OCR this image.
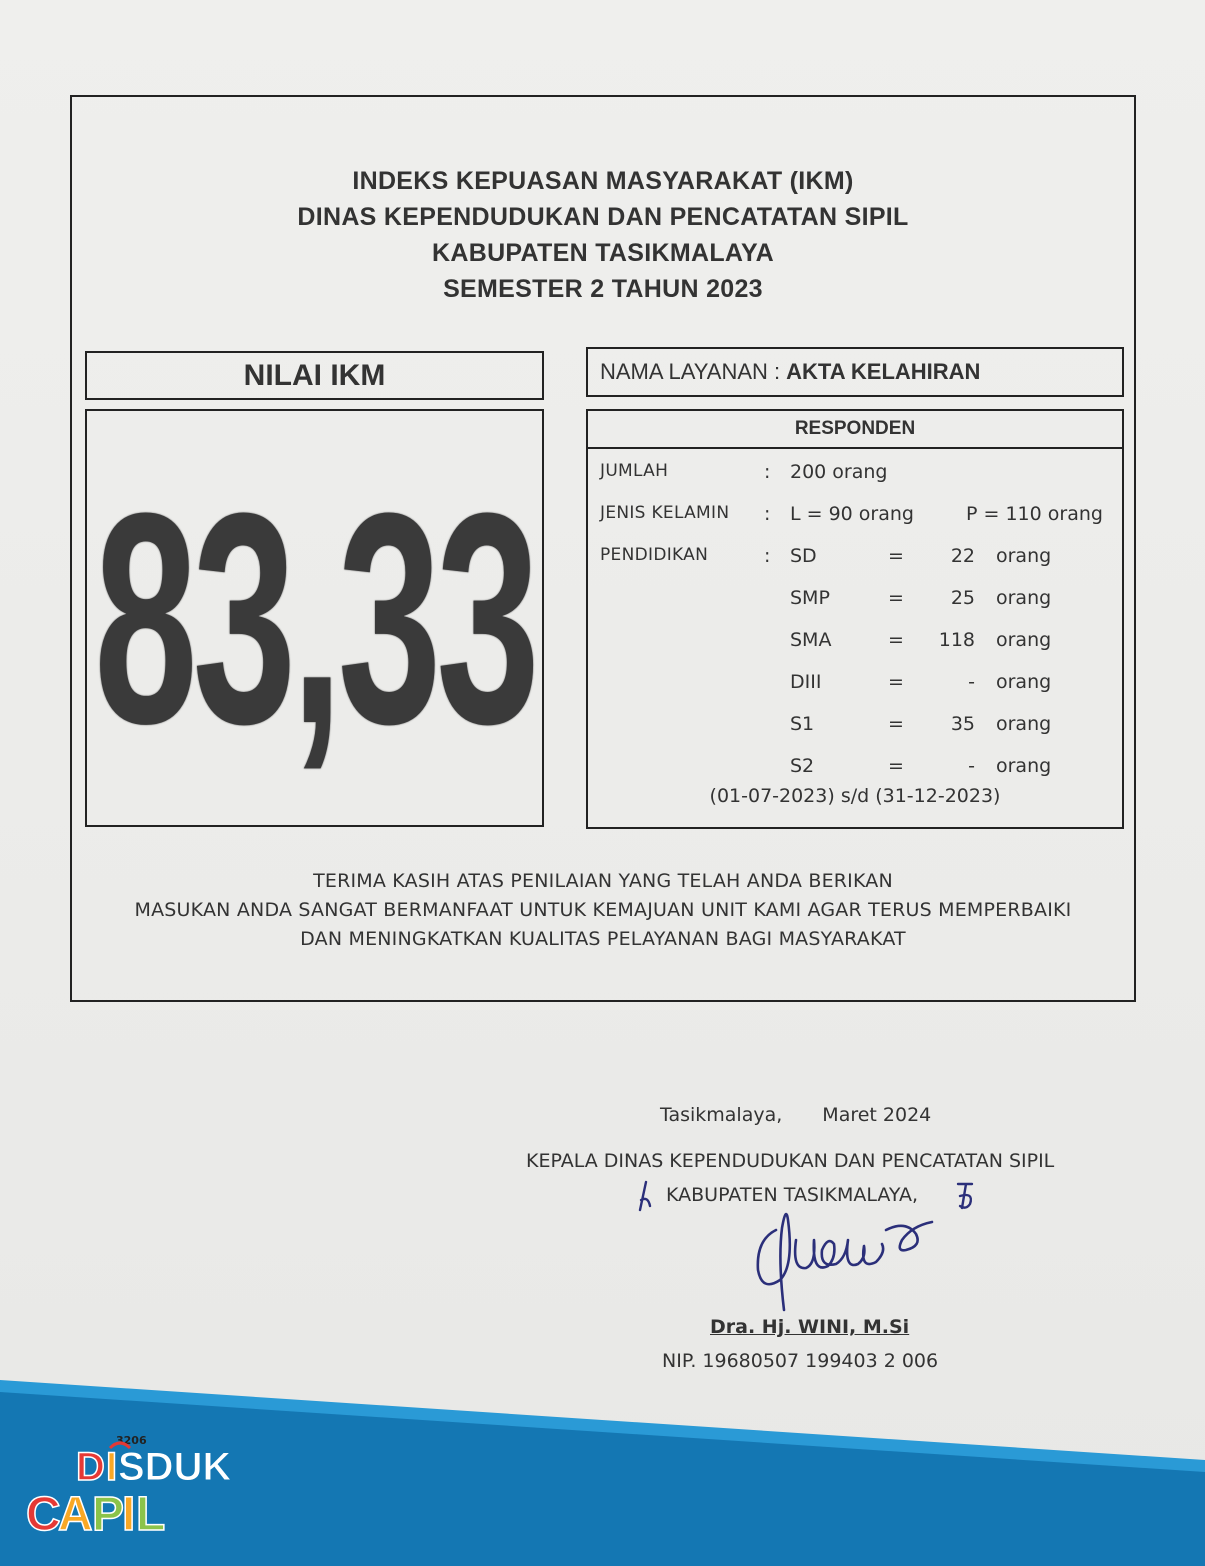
INDEKS KEPUASAN MASYARAKAT (IKM)
DINAS KEPENDUDUKAN DAN PENCATATAN SIPIL
KABUPATEN TASIKMALAYA
SEMESTER 2 TAHUN 2023
NILAI IKM
83,33
NAMA LAYANAN : AKTA KELAHIRAN
RESPONDEN
JUMLAH	: 200 orang
JENIS KELAMIN : L = 90 orang	P = 110 orang
PENDIDIKAN	: SD	=	22 orang
SMP	=	25 orang
SMA	=	118 orang
DIII	=	- orang
S1	=	35 orang
S2	=	- orang
(01-07-2023) s/d (31-12-2023)
TERIMA KASIH ATAS PENILAIAN YANG TELAH ANDA BERIKAN
MASUKAN ANDA SANGAT BERMANFAAT UNTUK KEMAJUAN UNIT KAMI AGAR TERUS MEMPERBAIKI
DAN MENINGKATKAN KUALITAS PELAYANAN BAGI MASYARAKAT
Tasikmalaya, Maret 2024
KEPALA DINAS KEPENDUDUKAN DAN PENCATATAN SIPIL
KABUPATEN TASIKMALAYA,
Dra. Hj. WINI, M.Si
NIP. 19680507 199403 2 006
3206
D I SDUK
C
A P
I L
